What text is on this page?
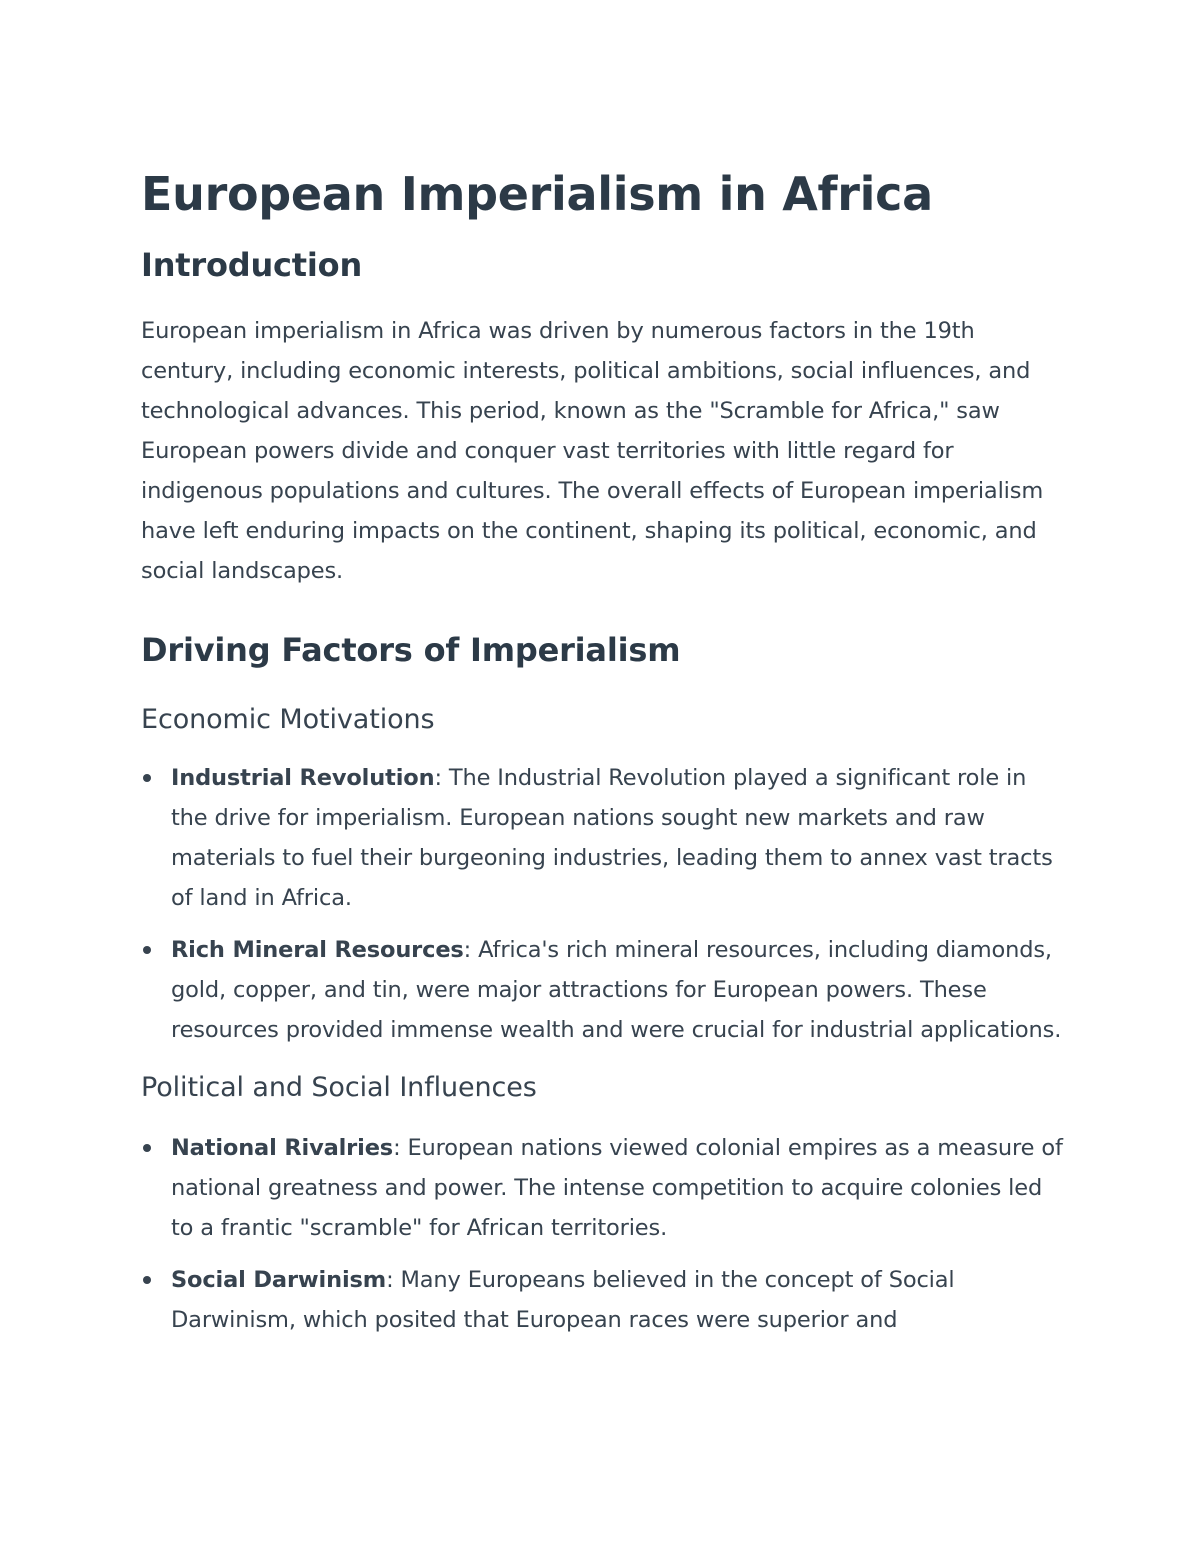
European Imperialism in Africa
Introduction

European imperialism in Africa was driven by numerous factors in the 19th century, including economic interests, political ambitions, social influences, and technological advances. This period, known as the "Scramble for Africa," saw European powers divide and conquer vast territories with little regard for indigenous populations and cultures. The overall effects of European imperialism have left enduring impacts on the continent, shaping its political, economic, and social landscapes.

Driving Factors of Imperialism
Economic Motivations
Industrial Revolution: The Industrial Revolution played a significant role in the drive for imperialism. European nations sought new markets and raw materials to fuel their burgeoning industries, leading them to annex vast tracts of land in Africa.
Rich Mineral Resources: Africa's rich mineral resources, including diamonds, gold, copper, and tin, were major attractions for European powers. These resources provided immense wealth and were crucial for industrial applications.
Political and Social Influences
National Rivalries: European nations viewed colonial empires as a measure of national greatness and power. The intense competition to acquire colonies led to a frantic "scramble" for African territories.
Social Darwinism: Many Europeans believed in the concept of Social Darwinism, which posited that European races were superior and
